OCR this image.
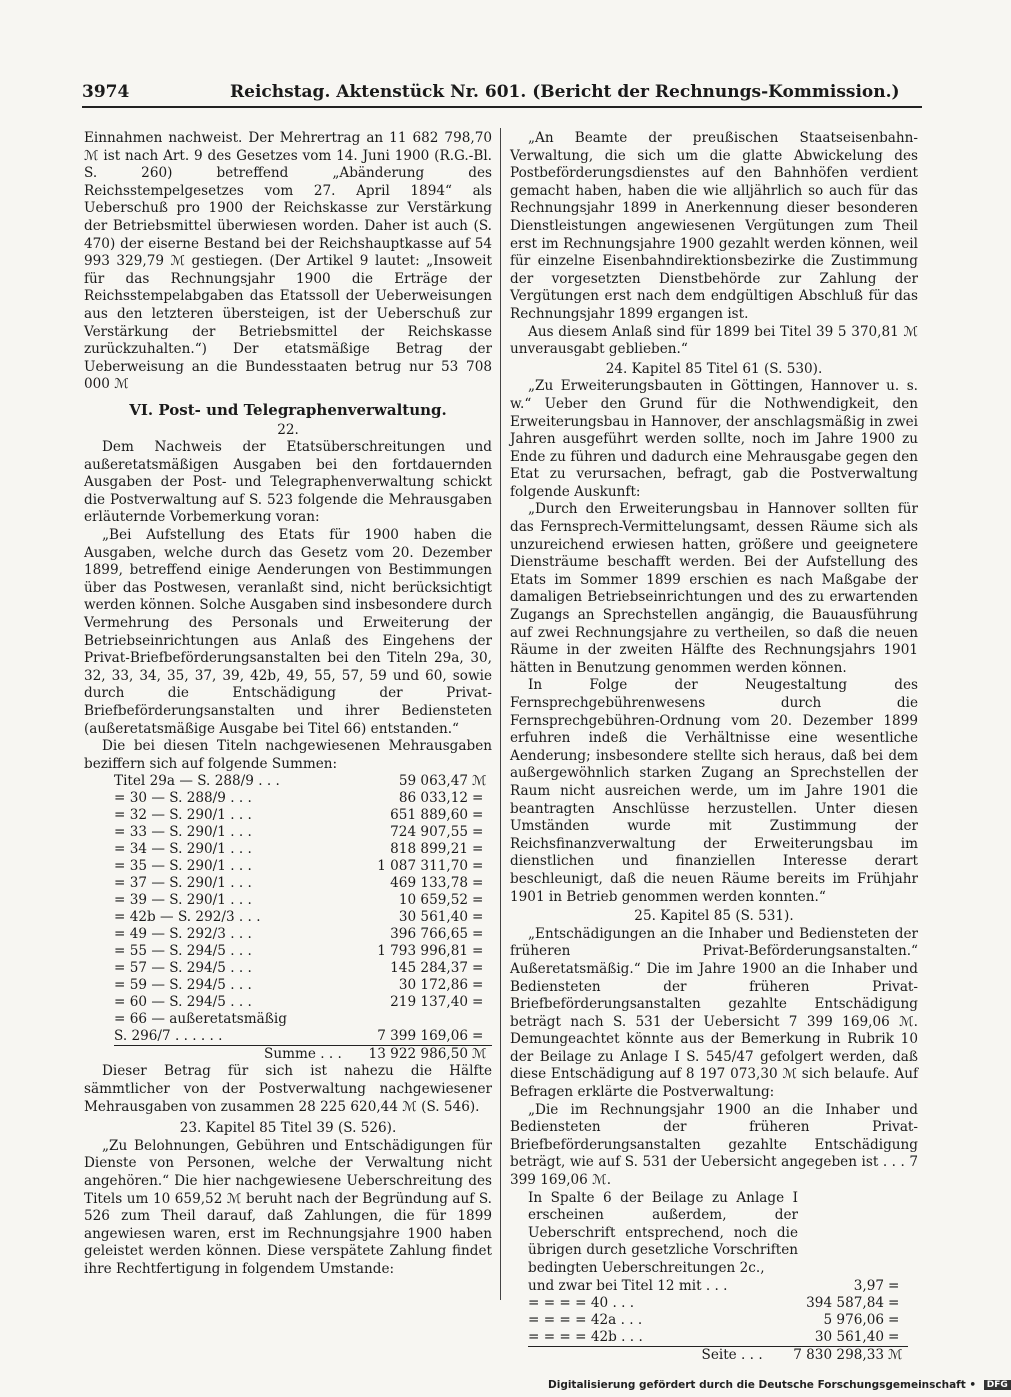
3974	Reichstag. Aktenstück Nr. 601. (Bericht der Rechnungs-Kommission.)

Einnahmen nachweist. Der Mehrertrag an 11 682 798,70 ℳ ist nach Art. 9 des Gesetzes vom 14. Juni 1900 (R.G.-Bl. S. 260) betreffend „Abänderung des Reichsstempelgesetzes vom 27. April 1894“ als Ueberschuß pro 1900 der Reichskasse zur Verstärkung der Betriebsmittel überwiesen worden. Daher ist auch (S. 470) der eiserne Bestand bei der Reichshauptkasse auf 54 993 329,79 ℳ gestiegen. (Der Artikel 9 lautet: „Insoweit für das Rechnungsjahr 1900 die Erträge der Reichsstempelabgaben das Etatssoll der Ueberweisungen aus den letzteren übersteigen, ist der Ueberschuß zur Verstärkung der Betriebsmittel der Reichskasse zurückzuhalten.“) Der etatsmäßige Betrag der Ueberweisung an die Bundesstaaten betrug nur 53 708 000 ℳ

VI. Post- und Telegraphenverwaltung.
22.

Dem Nachweis der Etatsüberschreitungen und außeretatsmäßigen Ausgaben bei den fortdauernden Ausgaben der Post- und Telegraphenverwaltung schickt die Postverwaltung auf S. 523 folgende die Mehrausgaben erläuternde Vorbemerkung voran:

„Bei Aufstellung des Etats für 1900 haben die Ausgaben, welche durch das Gesetz vom 20. Dezember 1899, betreffend einige Aenderungen von Bestimmungen über das Postwesen, veranlaßt sind, nicht berücksichtigt werden können. Solche Ausgaben sind insbesondere durch Vermehrung des Personals und Erweiterung der Betriebseinrichtungen aus Anlaß des Eingehens der Privat-Briefbeförderungsanstalten bei den Titeln 29a, 30, 32, 33, 34, 35, 37, 39, 42b, 49, 55, 57, 59 und 60, sowie durch die Entschädigung der Privat-Briefbeförderungsanstalten und ihrer Bediensteten (außeretatsmäßige Ausgabe bei Titel 66) entstanden.“

Die bei diesen Titeln nachgewiesenen Mehrausgaben beziffern sich auf folgende Summen:

Titel 29a — S. 288/9 . . .	59 063,47	ℳ
= 30 — S. 288/9 . . .	86 033,12	=
= 32 — S. 290/1 . . .	651 889,60	=
= 33 — S. 290/1 . . .	724 907,55	=
= 34 — S. 290/1 . . .	818 899,21	=
= 35 — S. 290/1 . . .	1 087 311,70	=
= 37 — S. 290/1 . . .	469 133,78	=
= 39 — S. 290/1 . . .	10 659,52	=
= 42b — S. 292/3 . . .	30 561,40	=
= 49 — S. 292/3 . . .	396 766,65	=
= 55 — S. 294/5 . . .	1 793 996,81	=
= 57 — S. 294/5 . . .	145 284,37	=
= 59 — S. 294/5 . . .	30 172,86	=
= 60 — S. 294/5 . . .	219 137,40	=
= 66 — außeretatsmäßig		
S. 296/7 . . . . . .	7 399 169,06	=
Summe . . .	13 922 986,50	ℳ

Dieser Betrag für sich ist nahezu die Hälfte sämmtlicher von der Postverwaltung nachgewiesener Mehrausgaben von zusammen 28 225 620,44 ℳ (S. 546).

23. Kapitel 85 Titel 39 (S. 526).

„Zu Belohnungen, Gebühren und Entschädigungen für Dienste von Personen, welche der Verwaltung nicht angehören.“ Die hier nachgewiesene Ueberschreitung des Titels um 10 659,52 ℳ beruht nach der Begründung auf S. 526 zum Theil darauf, daß Zahlungen, die für 1899 angewiesen waren, erst im Rechnungsjahre 1900 haben geleistet werden können. Diese verspätete Zahlung findet ihre Rechtfertigung in folgendem Umstande:

„An Beamte der preußischen Staatseisenbahn-Verwaltung, die sich um die glatte Abwickelung des Postbeförderungsdienstes auf den Bahnhöfen verdient gemacht haben, haben die wie alljährlich so auch für das Rechnungsjahr 1899 in Anerkennung dieser besonderen Dienstleistungen angewiesenen Vergütungen zum Theil erst im Rechnungsjahre 1900 gezahlt werden können, weil für einzelne Eisenbahndirektionsbezirke die Zustimmung der vorgesetzten Dienstbehörde zur Zahlung der Vergütungen erst nach dem endgültigen Abschluß für das Rechnungsjahr 1899 ergangen ist.

Aus diesem Anlaß sind für 1899 bei Titel 39 5 370,81 ℳ unverausgabt geblieben.“

24. Kapitel 85 Titel 61 (S. 530).

„Zu Erweiterungsbauten in Göttingen, Hannover u. s. w.“ Ueber den Grund für die Nothwendigkeit, den Erweiterungsbau in Hannover, der anschlagsmäßig in zwei Jahren ausgeführt werden sollte, noch im Jahre 1900 zu Ende zu führen und dadurch eine Mehrausgabe gegen den Etat zu verursachen, befragt, gab die Postverwaltung folgende Auskunft:

„Durch den Erweiterungsbau in Hannover sollten für das Fernsprech-Vermittelungsamt, dessen Räume sich als unzureichend erwiesen hatten, größere und geeignetere Diensträume beschafft werden. Bei der Aufstellung des Etats im Sommer 1899 erschien es nach Maßgabe der damaligen Betriebseinrichtungen und des zu erwartenden Zugangs an Sprechstellen angängig, die Bauausführung auf zwei Rechnungsjahre zu vertheilen, so daß die neuen Räume in der zweiten Hälfte des Rechnungsjahrs 1901 hätten in Benutzung genommen werden können.

In Folge der Neugestaltung des Fernsprechgebührenwesens durch die Fernsprechgebühren-Ordnung vom 20. Dezember 1899 erfuhren indeß die Verhältnisse eine wesentliche Aenderung; insbesondere stellte sich heraus, daß bei dem außergewöhnlich starken Zugang an Sprechstellen der Raum nicht ausreichen werde, um im Jahre 1901 die beantragten Anschlüsse herzustellen. Unter diesen Umständen wurde mit Zustimmung der Reichsfinanzverwaltung der Erweiterungsbau im dienstlichen und finanziellen Interesse derart beschleunigt, daß die neuen Räume bereits im Frühjahr 1901 in Betrieb genommen werden konnten.“

25. Kapitel 85 (S. 531).

„Entschädigungen an die Inhaber und Bediensteten der früheren Privat-Beförderungsanstalten.“ Außeretatsmäßig.“ Die im Jahre 1900 an die Inhaber und Bediensteten der früheren Privat-Briefbeförderungsanstalten gezahlte Entschädigung beträgt nach S. 531 der Uebersicht 7 399 169,06 ℳ. Demungeachtet könnte aus der Bemerkung in Rubrik 10 der Beilage zu Anlage I S. 545/47 gefolgert werden, daß diese Entschädigung auf 8 197 073,30 ℳ sich belaufe. Auf Befragen erklärte die Postverwaltung:

„Die im Rechnungsjahr 1900 an die Inhaber und Bediensteten der früheren Privat-Briefbeförderungsanstalten gezahlte Entschädigung beträgt, wie auf S. 531 der Uebersicht angegeben ist . . . 7 399 169,06 ℳ.

In Spalte 6 der Beilage zu Anlage I erscheinen außerdem, der Ueberschrift entsprechend, noch die übrigen durch gesetzliche Vorschriften bedingten Ueberschreitungen 2c.,

und zwar bei Titel 12 mit . . .	3,97	=
= = = = 40 . . .	394 587,84	=
= = = = 42a . . .	5 976,06	=
= = = = 42b . . .	30 561,40	=
Seite . . .	7 830 298,33	ℳ
Digitalisierung gefördert durch die Deutsche Forschungsgemeinschaft • DFG
